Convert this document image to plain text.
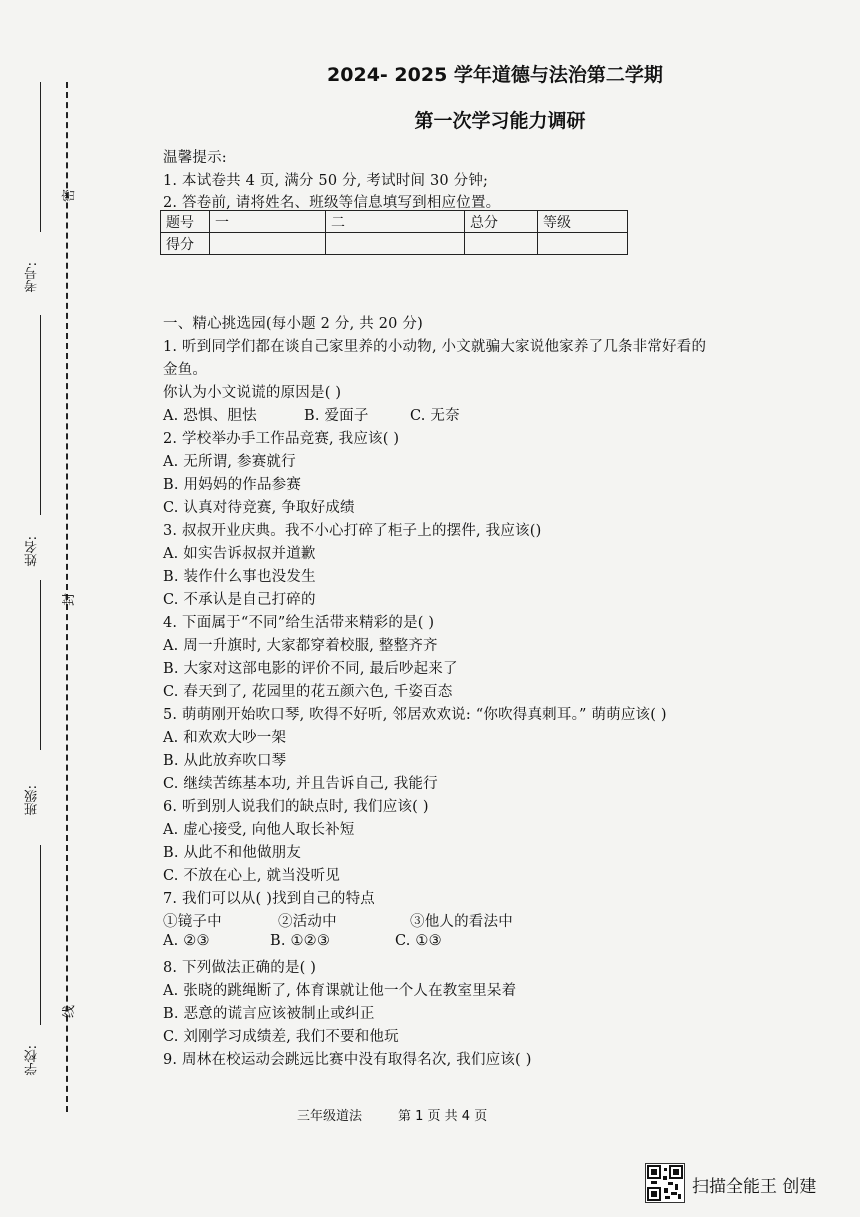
考号:
姓名:
班级:
学校:
密
封
线
2024- 2025 学年道德与法治第二学期
第一次学习能力调研
温馨提示:
1. 本试卷共 4 页, 满分 50 分, 考试时间 30 分钟;
2. 答卷前, 请将姓名、班级等信息填写到相应位置。
题号	一	二	总分	等级
得分				
一、精心挑选园(每小题 2 分, 共 20 分)
1. 听到同学们都在谈自己家里养的小动物, 小文就骗大家说他家养了几条非常好看的
金鱼。
你认为小文说谎的原因是( )
A. 恐惧、胆怯	B. 爱面子	C. 无奈
2. 学校举办手工作品竞赛, 我应该( )
A. 无所谓, 参赛就行
B. 用妈妈的作品参赛
C. 认真对待竞赛, 争取好成绩
3. 叔叔开业庆典。我不小心打碎了柜子上的摆件, 我应该()
A. 如实告诉叔叔并道歉
B. 装作什么事也没发生
C. 不承认是自己打碎的
4. 下面属于“不同”给生活带来精彩的是( )
A. 周一升旗时, 大家都穿着校服, 整整齐齐
B. 大家对这部电影的评价不同, 最后吵起来了
C. 春天到了, 花园里的花五颜六色, 千姿百态
5. 萌萌刚开始吹口琴, 吹得不好听, 邻居欢欢说: “你吹得真刺耳。” 萌萌应该( )
A. 和欢欢大吵一架
B. 从此放弃吹口琴
C. 继续苦练基本功, 并且告诉自己, 我能行
6. 听到别人说我们的缺点时, 我们应该( )
A. 虚心接受, 向他人取长补短
B. 从此不和他做朋友
C. 不放在心上, 就当没听见
7. 我们可以从( )找到自己的特点
①镜子中	②活动中	③他人的看法中
A. ②③	B. ①②③	C. ①③
8. 下列做法正确的是( )
A. 张晓的跳绳断了, 体育课就让他一个人在教室里呆着
B. 恶意的谎言应该被制止或纠正
C. 刘刚学习成绩差, 我们不要和他玩
9. 周林在校运动会跳远比赛中没有取得名次, 我们应该( )
三年级道法	第 1 页 共 4 页
扫描全能王 创建
